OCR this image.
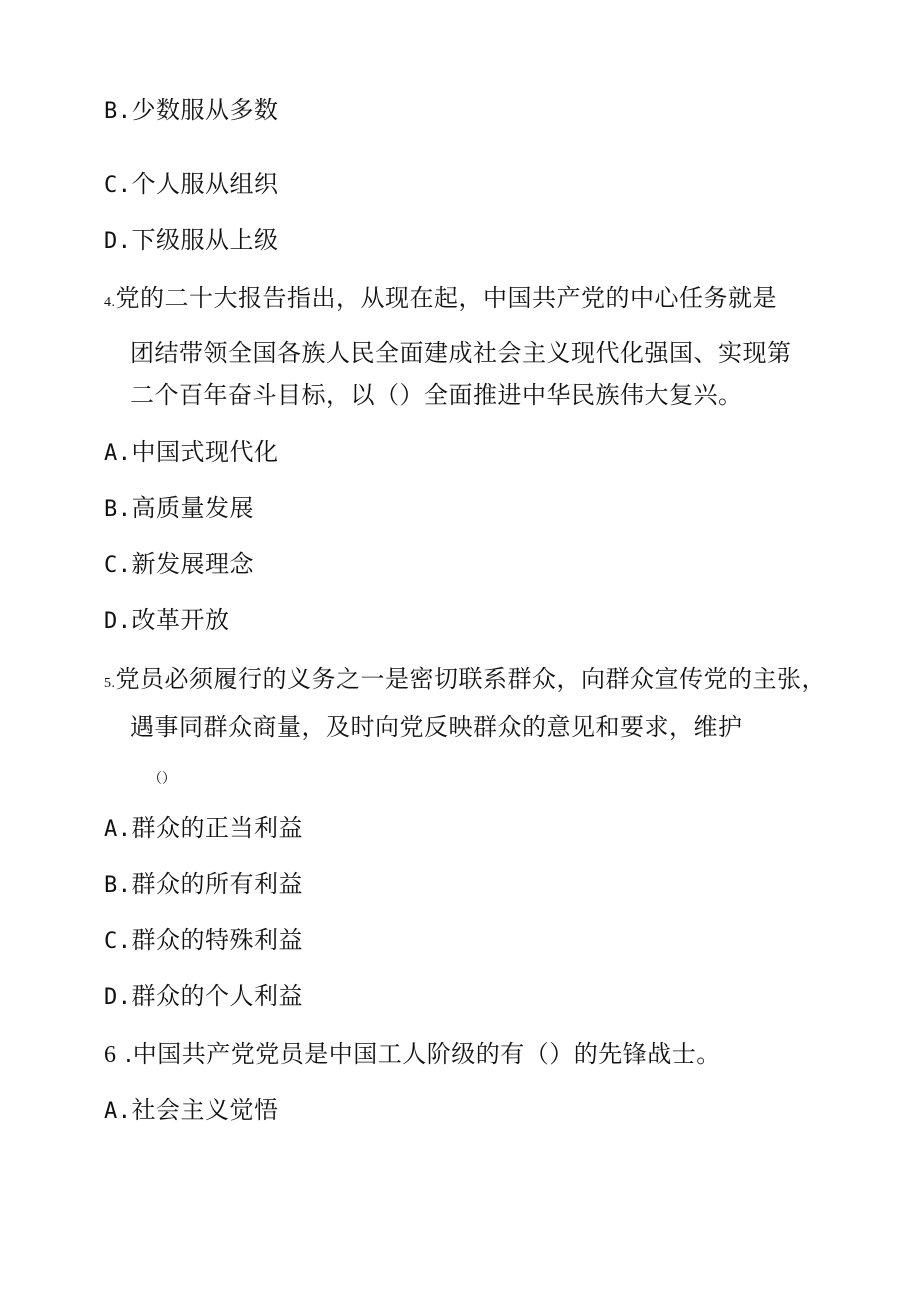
B.少数服从多数
C.个人服从组织
D.下级服从上级
4.党的二十大报告指出，从现在起，中国共产党的中心任务就是
团结带领全国各族人民全面建成社会主义现代化强国、实现第
二个百年奋斗目标，以（）全面推进中华民族伟大复兴。
A.中国式现代化
B.高质量发展
C.新发展理念
D.改革开放
5.党员必须履行的义务之一是密切联系群众，向群众宣传党的主张，
遇事同群众商量，及时向党反映群众的意见和要求，维护
（）
A.群众的正当利益
B.群众的所有利益
C.群众的特殊利益
D.群众的个人利益
6 .中国共产党党员是中国工人阶级的有（）的先锋战士。
A.社会主义觉悟
